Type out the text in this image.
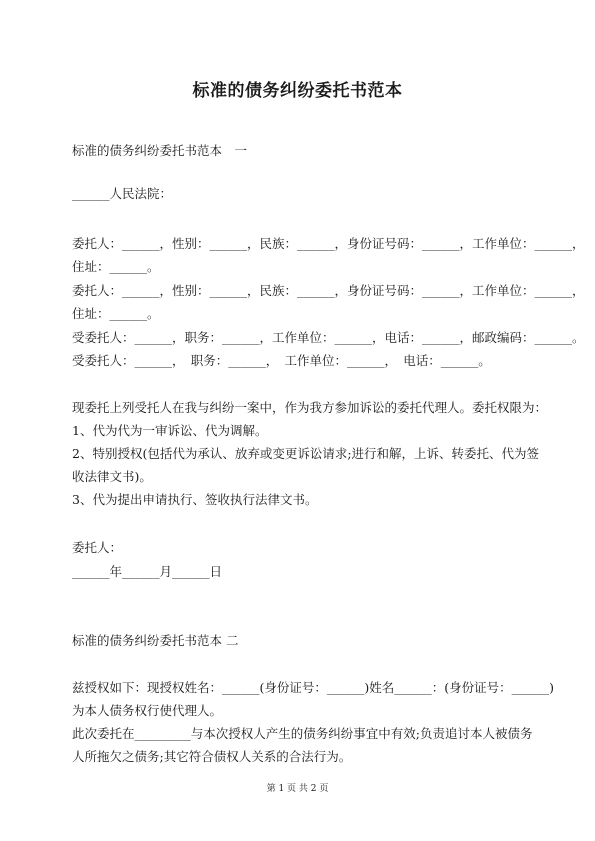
标准的债务纠纷委托书范本
标准的债务纠纷委托书范本　一
______人民法院：
委托人：______，性别：______，民族：______，身份证号码：______，工作单位：______，
住址：______。
委托人：______，性别：______，民族：______，身份证号码：______，工作单位：______，
住址：______。
受委托人：______，职务：______，工作单位：______，电话：______，邮政编码：______。
受委托人：______，　职务：______，　工作单位：______，　电话：______。
现委托上列受托人在我与纠纷一案中，作为我方参加诉讼的委托代理人。委托权限为：
1、代为代为一审诉讼、代为调解。
2、特别授权(包括代为承认、放弃或变更诉讼请求;进行和解，上诉、转委托、代为签
收法律文书)。
3、代为提出申请执行、签收执行法律文书。
委托人：
______年______月______日
标准的债务纠纷委托书范本 二
兹授权如下：现授权姓名：______(身份证号：______)姓名______：(身份证号：______)
为本人债务权行使代理人。
此次委托在_________与本次授权人产生的债务纠纷事宜中有效;负责追讨本人被债务
人所拖欠之债务;其它符合债权人关系的合法行为。
第 1 页 共 2 页
